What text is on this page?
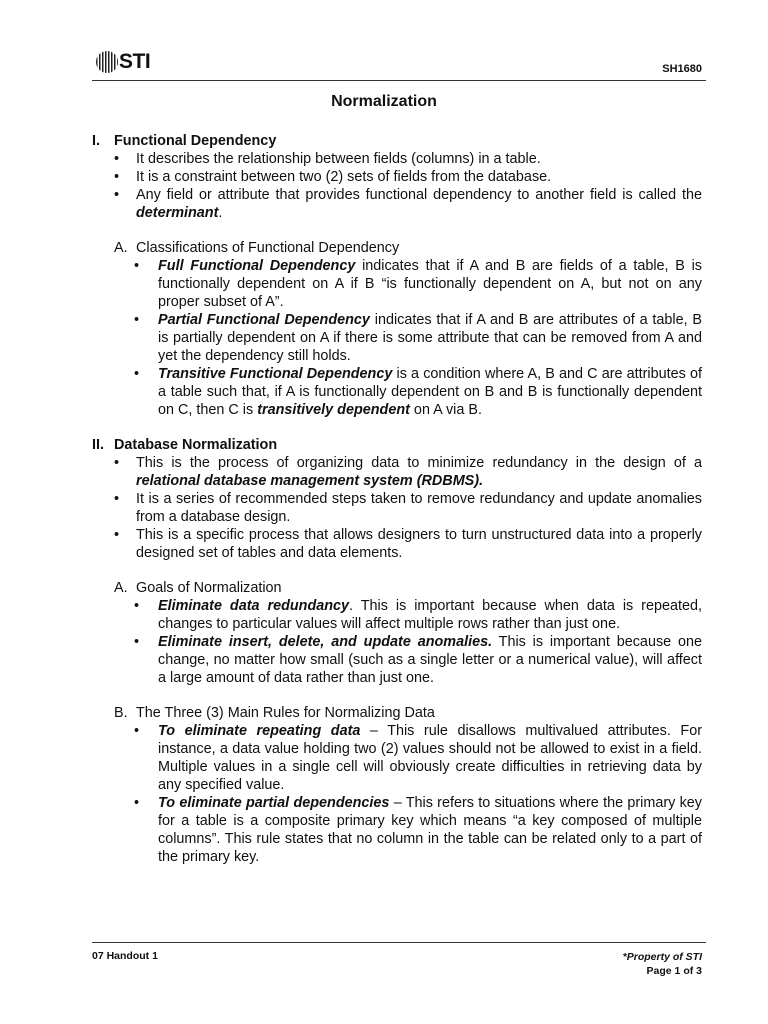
STI	SH1680
Normalization
I. Functional Dependency
• It describes the relationship between fields (columns) in a table.
• It is a constraint between two (2) sets of fields from the database.
• Any field or attribute that provides functional dependency to another field is called the determinant.
A. Classifications of Functional Dependency
• Full Functional Dependency indicates that if A and B are fields of a table, B is functionally dependent on A if B “is functionally dependent on A, but not on any proper subset of A”.
• Partial Functional Dependency indicates that if A and B are attributes of a table, B is partially dependent on A if there is some attribute that can be removed from A and yet the dependency still holds.
• Transitive Functional Dependency is a condition where A, B and C are attributes of a table such that, if A is functionally dependent on B and B is functionally dependent on C, then C is transitively dependent on A via B.
II. Database Normalization
• This is the process of organizing data to minimize redundancy in the design of a relational database management system (RDBMS).
• It is a series of recommended steps taken to remove redundancy and update anomalies from a database design.
• This is a specific process that allows designers to turn unstructured data into a properly designed set of tables and data elements.
A. Goals of Normalization
• Eliminate data redundancy. This is important because when data is repeated, changes to particular values will affect multiple rows rather than just one.
• Eliminate insert, delete, and update anomalies. This is important because one change, no matter how small (such as a single letter or a numerical value), will affect a large amount of data rather than just one.
B. The Three (3) Main Rules for Normalizing Data
• To eliminate repeating data – This rule disallows multivalued attributes. For instance, a data value holding two (2) values should not be allowed to exist in a field. Multiple values in a single cell will obviously create difficulties in retrieving data by any specified value.
• To eliminate partial dependencies – This refers to situations where the primary key for a table is a composite primary key which means “a key composed of multiple columns”. This rule states that no column in the table can be related only to a part of the primary key.
07 Handout 1	*Property of STI
Page 1 of 3
